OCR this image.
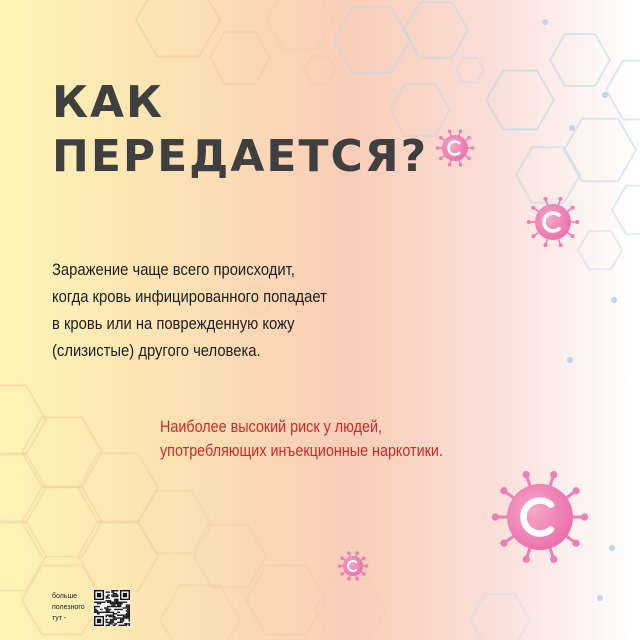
КАК
ПЕРЕДАЕТСЯ?

Заражение чаще всего происходит,
когда кровь инфицированного попадает
в кровь или на поврежденную кожу
(слизистые) другого человека.

Наиболее высокий риск у людей,
употребляющих инъекционные наркотики.

больше
полезного
тут -
